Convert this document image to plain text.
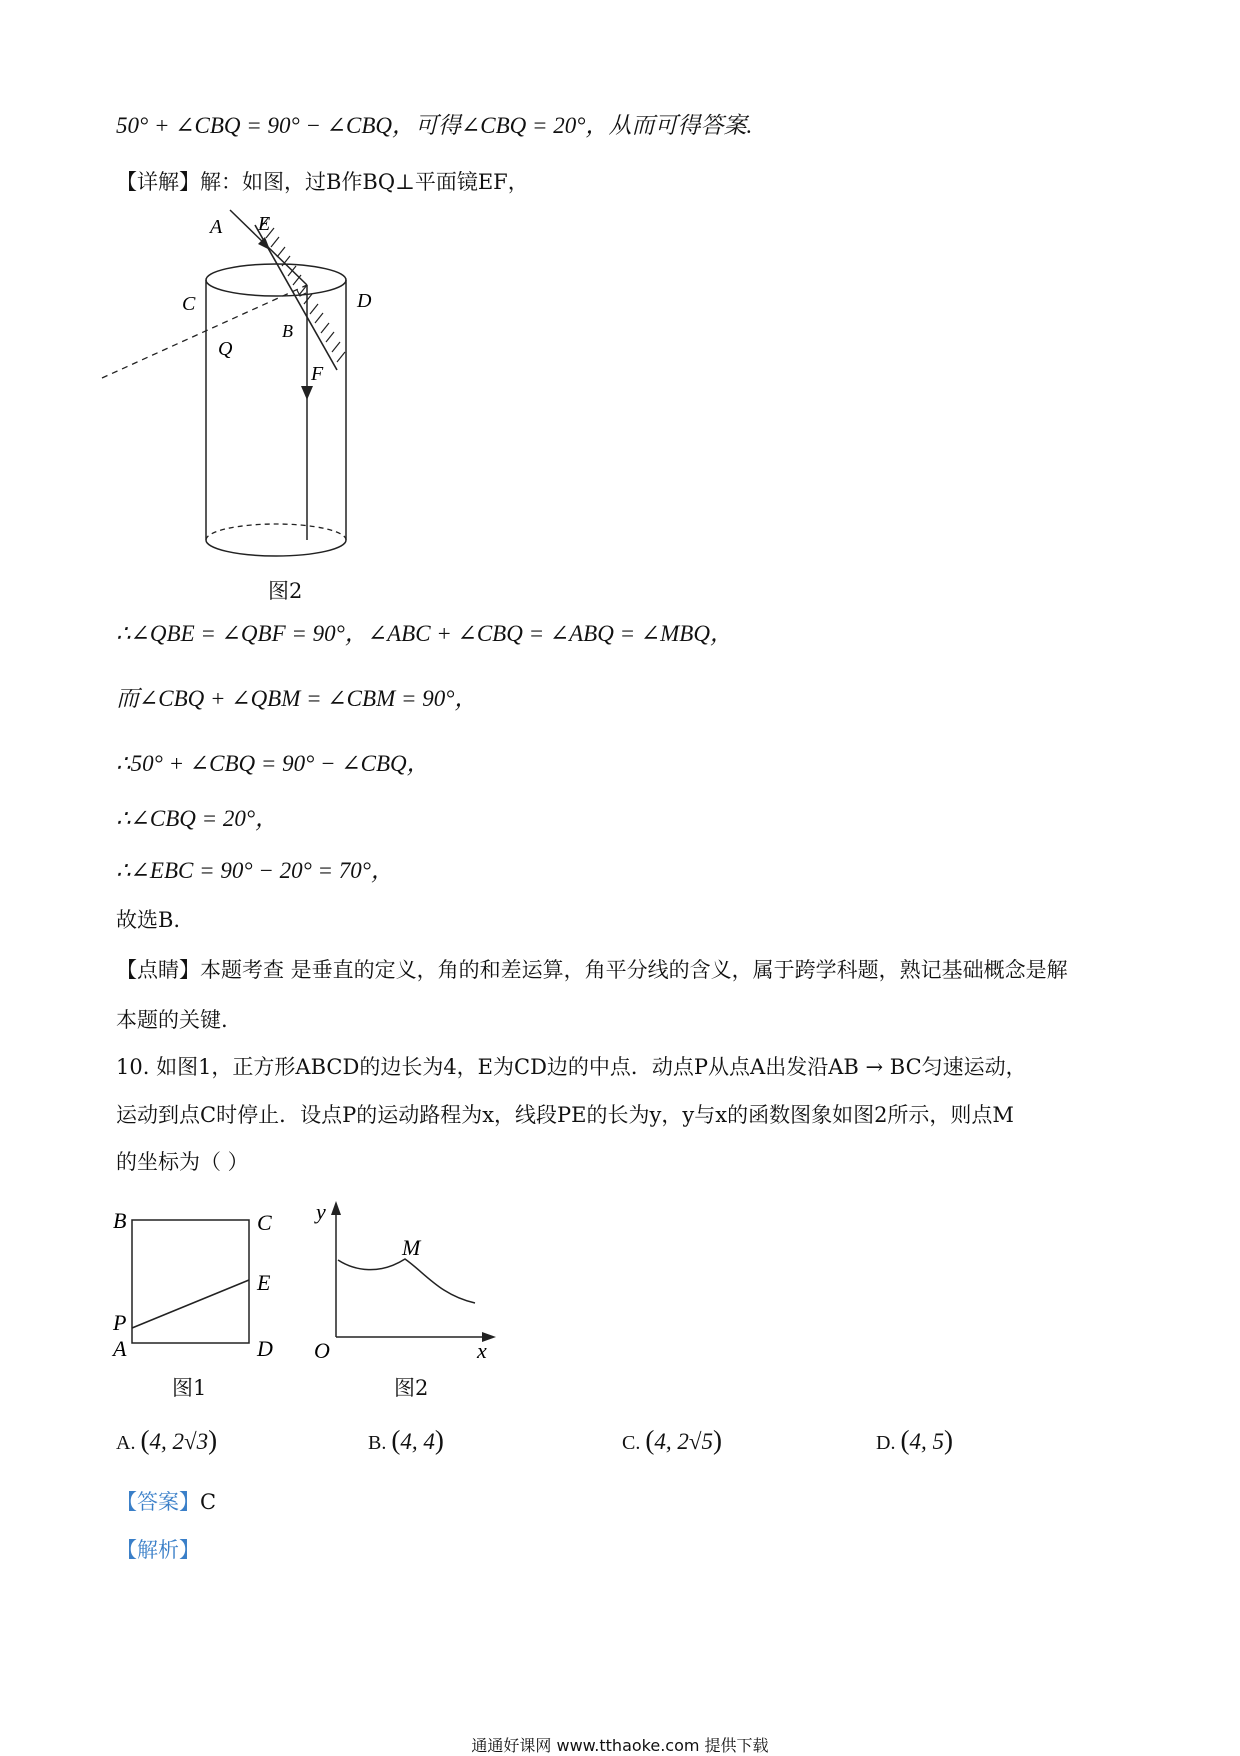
50° + ∠CBQ = 90° − ∠CBQ，可得∠CBQ = 20°，从而可得答案.
【详解】解：如图，过B作BQ⊥平面镜EF，
A E
C
B
D
Q
F
图2
∴∠QBE = ∠QBF = 90°，∠ABC + ∠CBQ = ∠ABQ = ∠MBQ，
而∠CBQ + ∠QBM = ∠CBM = 90°，
∴50° + ∠CBQ = 90° − ∠CBQ，
∴∠CBQ = 20°，
∴∠EBC = 90° − 20° = 70°，
故选B.
【点睛】本题考查 是垂直的定义，角的和差运算，角平分线的含义，属于跨学科题，熟记基础概念是解
本题的关键.
10. 如图1，正方形ABCD的边长为4，E为CD边的中点．动点P从点A出发沿AB → BC匀速运动，
运动到点C时停止．设点P的运动路程为x，线段PE的长为y，y与x的函数图象如图2所示，则点M
的坐标为（ ）
B	C
E
P
A	D
图1
y
M
O	x
图2
A. (4, 2√3)	B. (4, 4)	C. (4, 2√5)	D. (4, 5)
【答案】C
【解析】
通通好课网 www.tthaoke.com 提供下载
